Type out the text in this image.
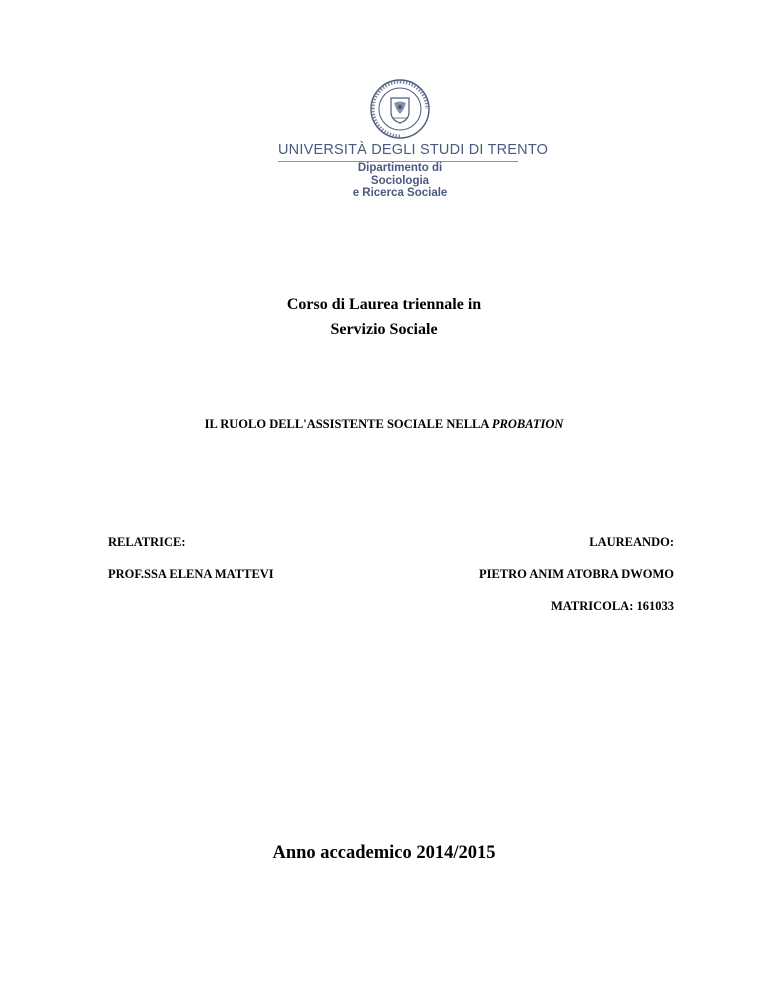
UNIVERSITÀ DEGLI STUDI DI TRENTO
Dipartimento di Sociologia
e Ricerca Sociale
Corso di Laurea triennale in
Servizio Sociale
IL RUOLO DELL'ASSISTENTE SOCIALE NELLA PROBATION
RELATRICE:	LAUREANDO:
PROF.SSA ELENA MATTEVI	PIETRO ANIM ATOBRA DWOMO
MATRICOLA: 161033
Anno accademico 2014/2015
